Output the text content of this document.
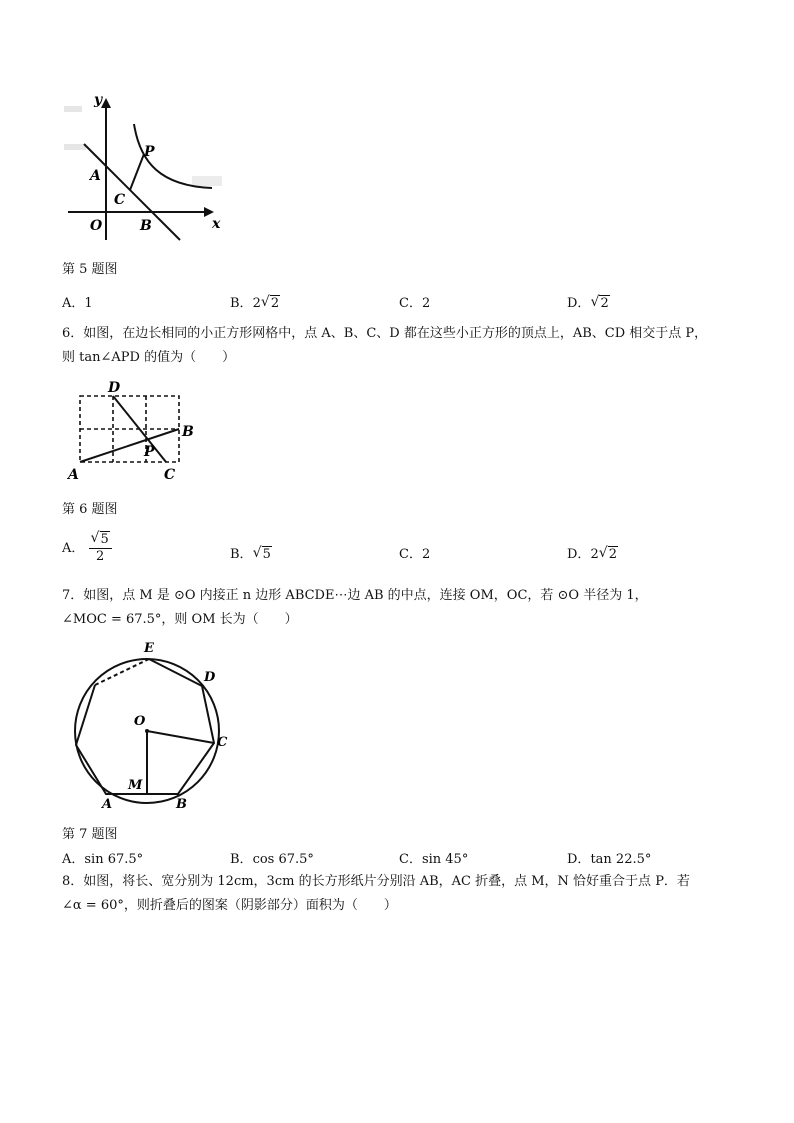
y
x
O
A
B
C
P
第 5 题图
A．1	B．2 √ 2	C．2	D． √ 2
6．如图，在边长相同的小正方形网格中，点 A、B、C、D 都在这些小正方形的顶点上，AB、CD 相交于点 P，
则 tan∠APD 的值为（　　）
D
B
A	C
P
第 6 题图
A． $\frac{√ 5}{2}$	B． √ 5	C．2	D．2 √ 2
7．如图，点 M 是 ⊙O 内接正 n 边形 ABCDE⋯边 AB 的中点，连接 OM，OC，若 ⊙O 半径为 1，
∠MOC = 67.5°，则 OM 长为（　　）
E
D
O
C
M
A	B
第 7 题图
A．sin 67.5°	B．cos 67.5°	C．sin 45°	D．tan 22.5°
8．如图，将长、宽分别为 12cm，3cm 的长方形纸片分别沿 AB，AC 折叠，点 M，N 恰好重合于点 P．若
∠α = 60°，则折叠后的图案（阴影部分）面积为（　　）
